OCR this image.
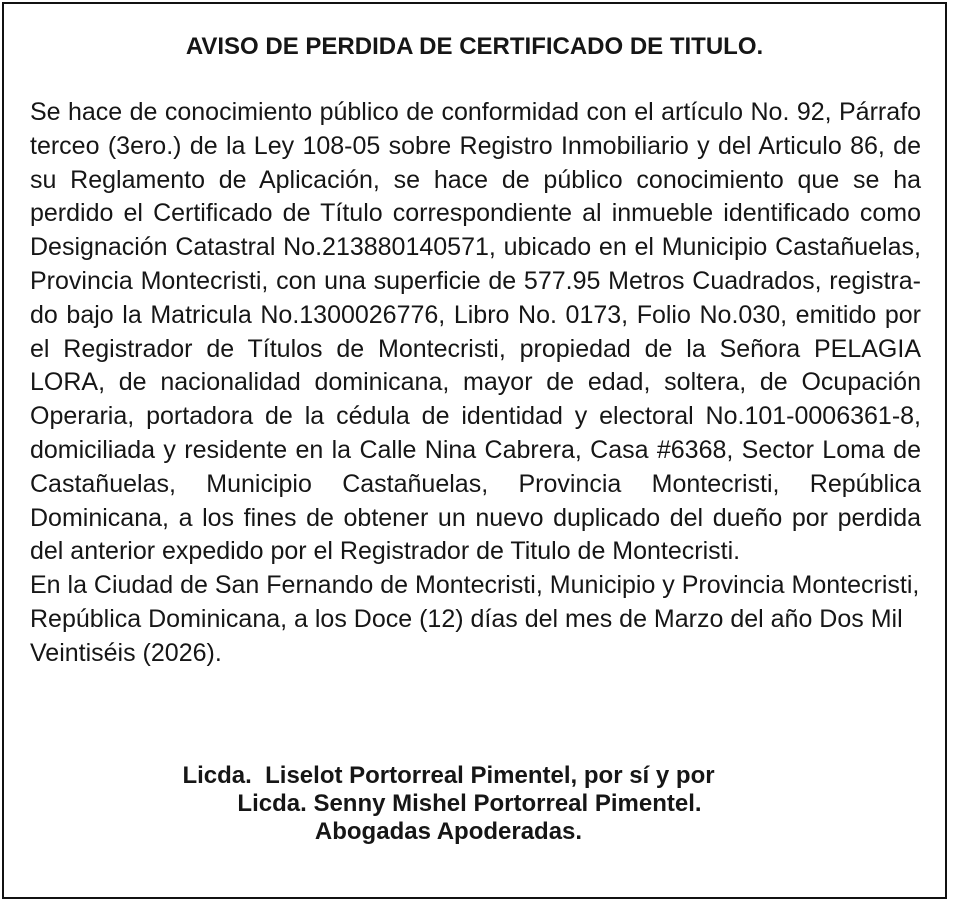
AVISO DE PERDIDA DE CERTIFICADO DE TITULO.

Se hace de conocimiento público de conformidad con el artículo No. 92, Párrafo terceo (3ero.) de la Ley 108-05 sobre Registro Inmobiliario y del Articulo 86, de su Reglamento de Aplicación, se hace de público conocimiento que se ha perdido el Certificado de Título correspondiente al inmueble identificado como Designación Catastral No.213880140571, ubicado en el Municipio Castañuelas, Provincia Montecristi, con una superficie de 577.95 Metros Cuadrados, registrado bajo la Matricula No.1300026776, Libro No. 0173, Folio No.030, emitido por el Registrador de Títulos de Montecristi, propiedad de la Señora PELAGIA LORA, de nacionalidad dominicana, mayor de edad, soltera, de Ocupación Operaria, portadora de la cédula de identidad y electoral No.101-0006361-8, domiciliada y residente en la Calle Nina Cabrera, Casa #6368, Sector Loma de Castañuelas, Municipio Castañuelas, Provincia Montecristi, República Dominicana, a los fines de obtener un nuevo duplicado del dueño por perdida del anterior expedido por el Registrador de Titulo de Montecristi.

En la Ciudad de San Fernando de Montecristi, Municipio y Provincia Montecristi, República Dominicana, a los Doce (12) días del mes de Marzo del año Dos Mil Veintiséis (2026).

Licda.  Liselot Portorreal Pimentel, por sí y por
Licda. Senny Mishel Portorreal Pimentel.
Abogadas Apoderadas.
